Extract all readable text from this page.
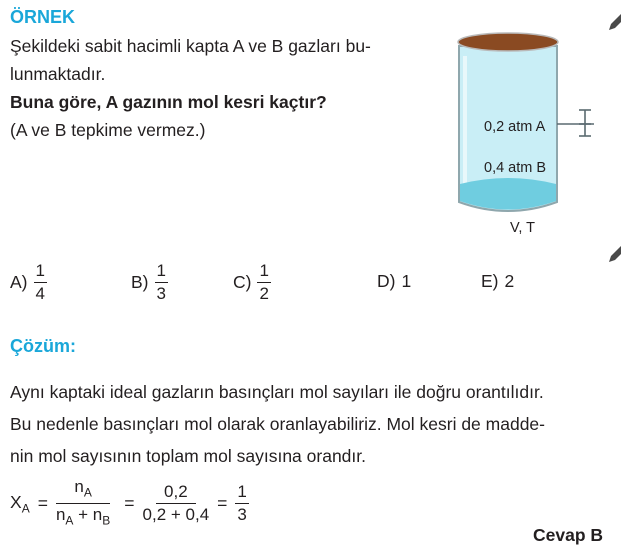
ÖRNEK
Şekildeki sabit hacimli kapta A ve B gazları bu-
lunmaktadır.
Buna göre, A gazının mol kesri kaçtır?
(A ve B tepkime vermez.)	0,2 atm A
0,4 atm B
V, T
$A) \frac{1}{4}$	$B) \frac{1}{3}$	$C) \frac{1}{2}$	D) 1	E) 2
Çözüm:
Aynı kaptaki ideal gazların basınçları mol sayıları ile doğru orantılıdır.
Bu nedenle basınçları mol olarak oranlayabiliriz. Mol kesri de madde-
nin mol sayısının toplam mol sayısına orandır.
$X_A = \frac{n_A}{n_A + n_B} = \frac{0,2}{0,2 + 0,4} = \frac{1}{3}$
Cevap B
